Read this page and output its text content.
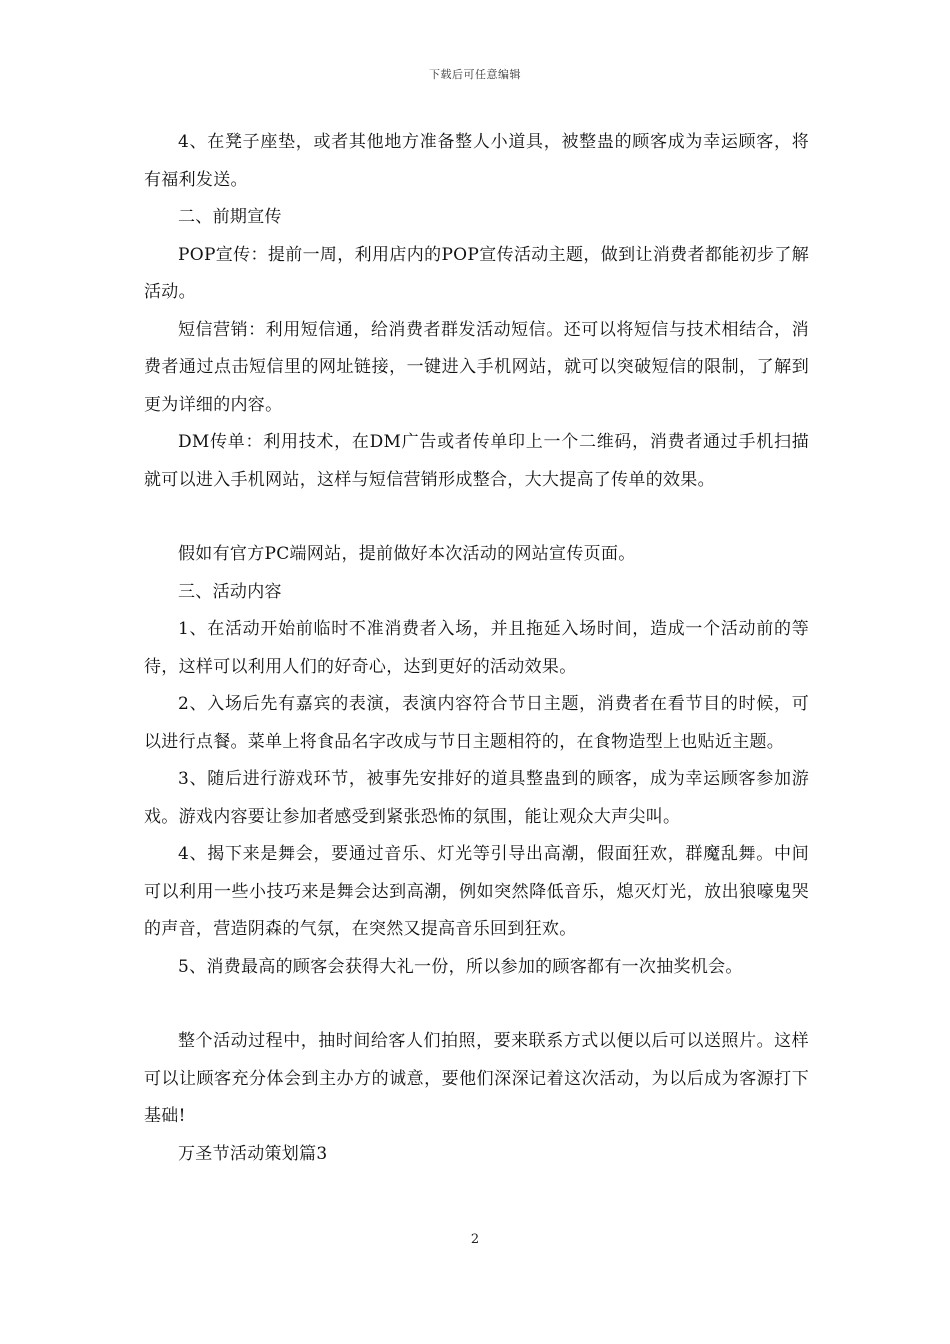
下载后可任意编辑

4、在凳子座垫，或者其他地方准备整人小道具，被整蛊的顾客成为幸运顾客，将有福利发送。

二、前期宣传

POP宣传：提前一周，利用店内的POP宣传活动主题，做到让消费者都能初步了解活动。

短信营销：利用短信通，给消费者群发活动短信。还可以将短信与技术相结合，消费者通过点击短信里的网址链接，一键进入手机网站，就可以突破短信的限制，了解到更为详细的内容。

DM传单：利用技术，在DM广告或者传单印上一个二维码，消费者通过手机扫描就可以进入手机网站，这样与短信营销形成整合，大大提高了传单的效果。

假如有官方PC端网站，提前做好本次活动的网站宣传页面。

三、活动内容

1、在活动开始前临时不准消费者入场，并且拖延入场时间，造成一个活动前的等待，这样可以利用人们的好奇心，达到更好的活动效果。

2、入场后先有嘉宾的表演，表演内容符合节日主题，消费者在看节目的时候，可以进行点餐。菜单上将食品名字改成与节日主题相符的，在食物造型上也贴近主题。

3、随后进行游戏环节，被事先安排好的道具整蛊到的顾客，成为幸运顾客参加游戏。游戏内容要让参加者感受到紧张恐怖的氛围，能让观众大声尖叫。

4、揭下来是舞会，要通过音乐、灯光等引导出高潮，假面狂欢，群魔乱舞。中间可以利用一些小技巧来是舞会达到高潮，例如突然降低音乐，熄灭灯光，放出狼嚎鬼哭的声音，营造阴森的气氛，在突然又提高音乐回到狂欢。

5、消费最高的顾客会获得大礼一份，所以参加的顾客都有一次抽奖机会。

整个活动过程中，抽时间给客人们拍照，要来联系方式以便以后可以送照片。这样可以让顾客充分体会到主办方的诚意，要他们深深记着这次活动，为以后成为客源打下基础!

万圣节活动策划篇3

2
